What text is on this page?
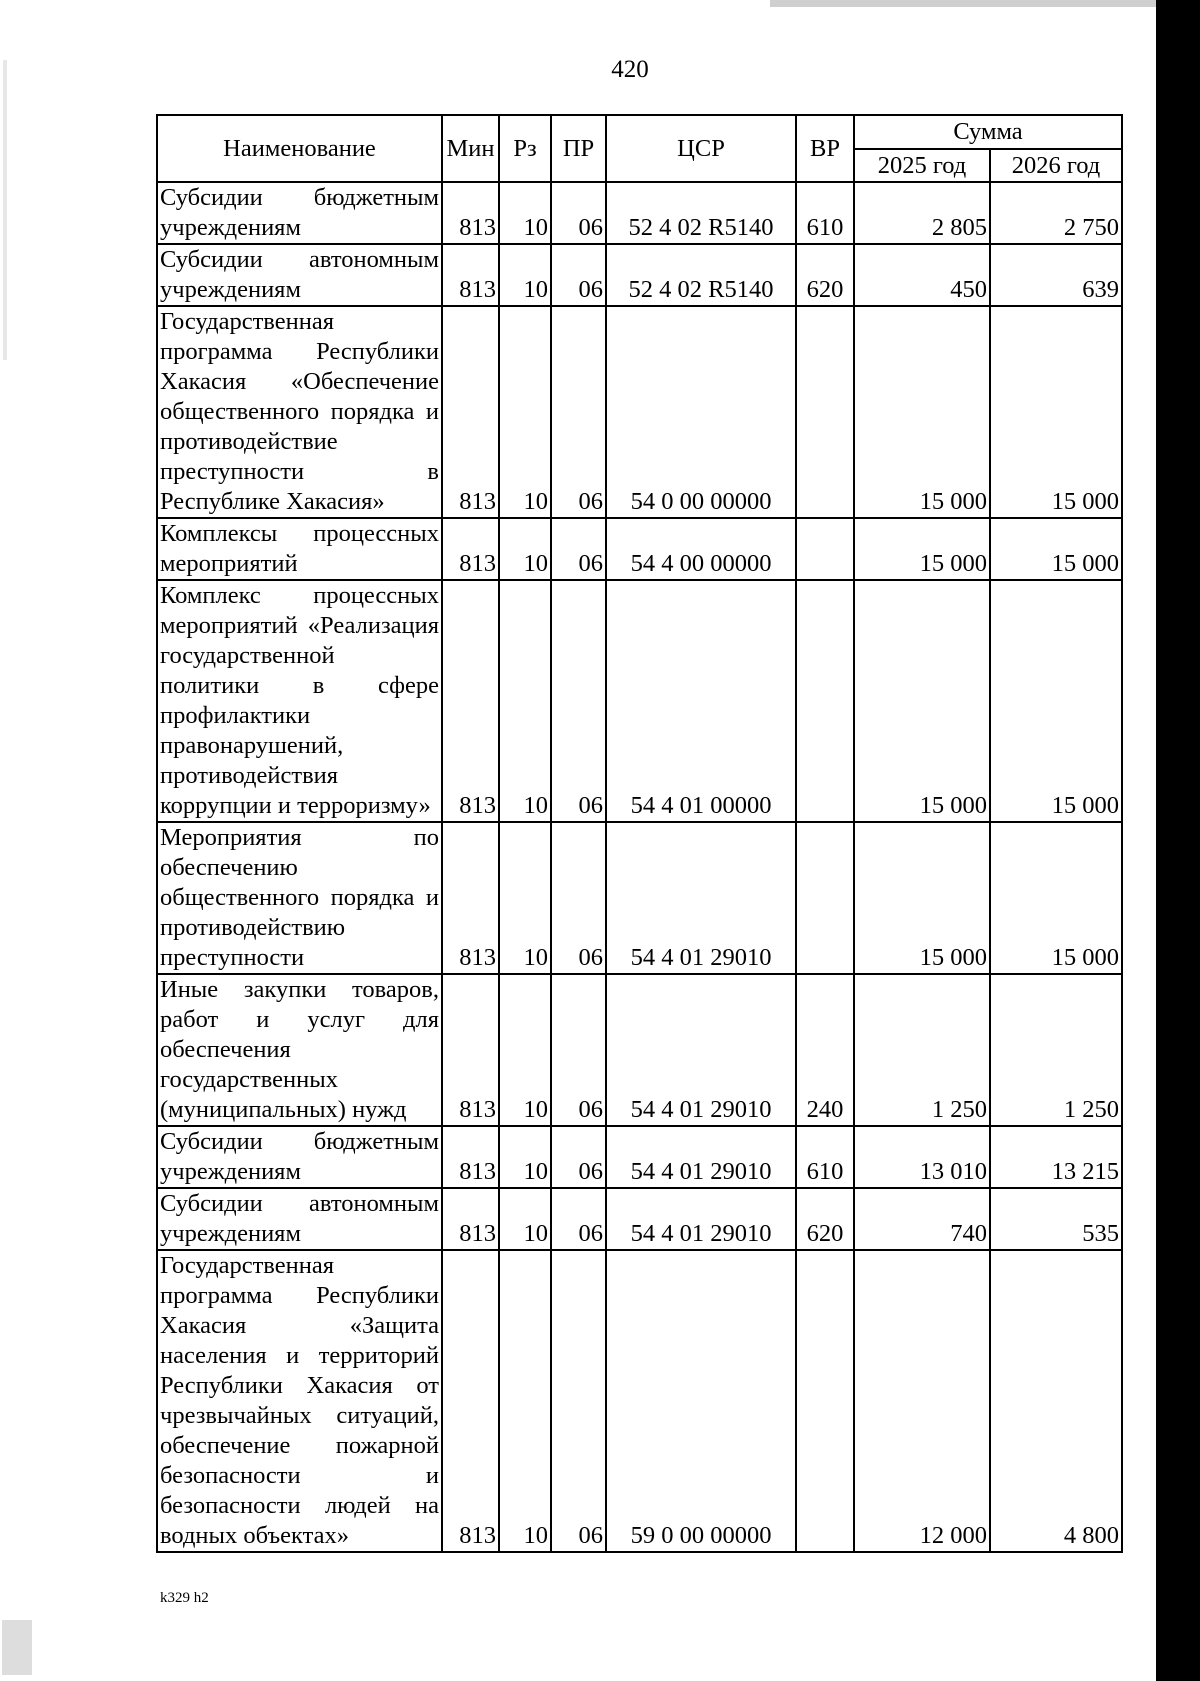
420
Наименование	Мин	Рз	ПР	ЦСР	ВР	Сумма	
						2025 год	2026 год
Субсидии бюджетным учреждениям	813	10	06	52 4 02 R5140	610	2 805	2 750
Субсидии автономным учреждениям	813	10	06	52 4 02 R5140	620	450	639
Государственная программа Республики Хакасия «Обеспечение общественного порядка и противодействие преступности в Республике Хакасия»	813	10	06	54 0 00 00000		15 000	15 000
Комплексы процессных мероприятий	813	10	06	54 4 00 00000		15 000	15 000
Комплекс процессных мероприятий «Реализация государственной политики в сфере профилактики правонарушений, противодействия коррупции и терроризму»	813	10	06	54 4 01 00000		15 000	15 000
Мероприятия по обеспечению общественного порядка и противодействию преступности	813	10	06	54 4 01 29010		15 000	15 000
Иные закупки товаров, работ и услуг для обеспечения государственных (муниципальных) нужд	813	10	06	54 4 01 29010	240	1 250	1 250
Субсидии бюджетным учреждениям	813	10	06	54 4 01 29010	610	13 010	13 215
Субсидии автономным учреждениям	813	10	06	54 4 01 29010	620	740	535
Государственная программа Республики Хакасия «Защита населения и территорий Республики Хакасия от чрезвычайных ситуаций, обеспечение пожарной безопасности и безопасности людей на водных объектах»	813	10	06	59 0 00 00000		12 000	4 800
k329 h2
